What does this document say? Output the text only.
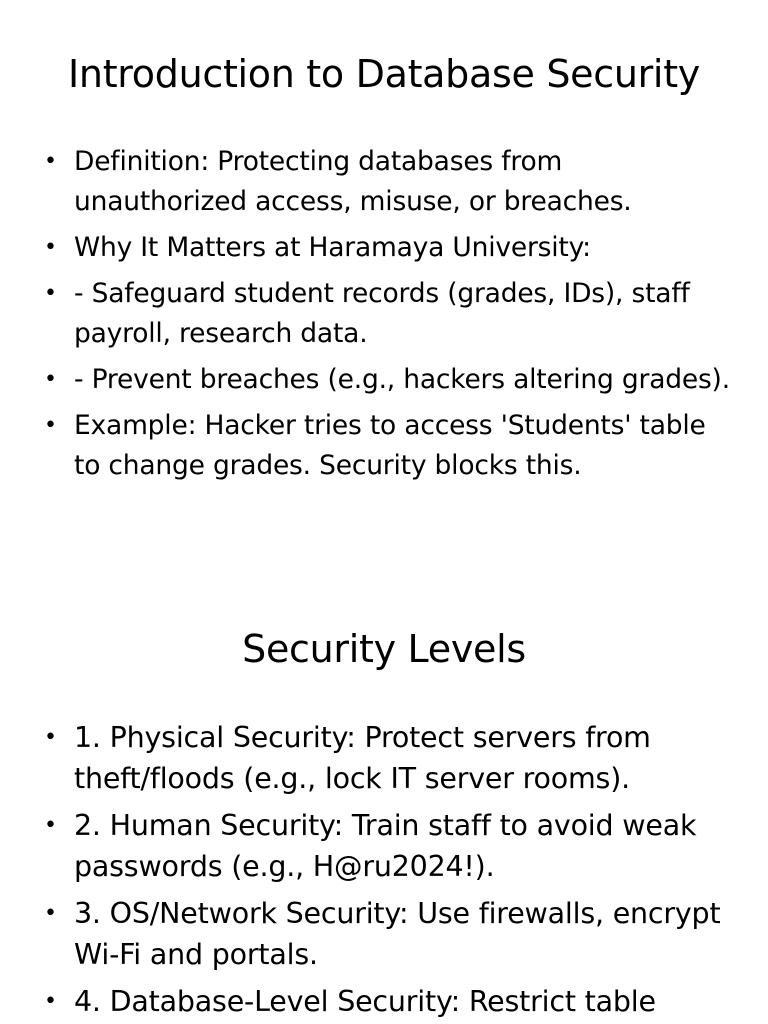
Introduction to Database Security
• Definition: Protecting databases from unauthorized access, misuse, or breaches.
• Why It Matters at Haramaya University:
• - Safeguard student records (grades, IDs), staff payroll, research data.
• - Prevent breaches (e.g., hackers altering grades).
• Example: Hacker tries to access 'Students' table to change grades. Security blocks this.
Security Levels
• 1. Physical Security: Protect servers from theft/floods (e.g., lock IT server rooms).
• 2. Human Security: Train staff to avoid weak passwords (e.g., H@ru2024!).
• 3. OS/Network Security: Use firewalls, encrypt Wi-Fi and portals.
• 4. Database-Level Security: Restrict table
